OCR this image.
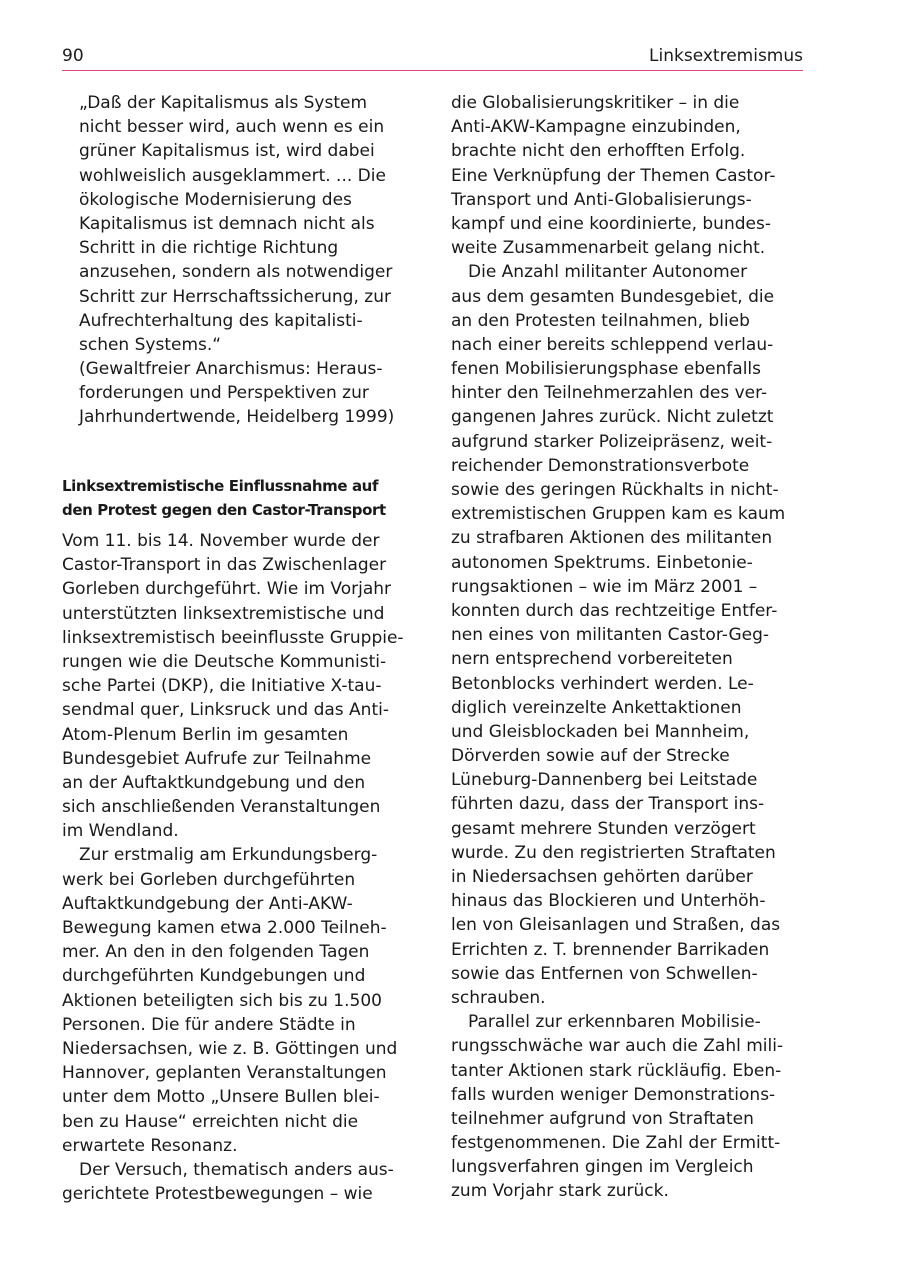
90	Linksextremismus
„Daß der Kapitalismus als System
nicht besser wird, auch wenn es ein
grüner Kapitalismus ist, wird dabei
wohlweislich ausgeklammert. ... Die
ökologische Modernisierung des
Kapitalismus ist demnach nicht als
Schritt in die richtige Richtung
anzusehen, sondern als notwendiger
Schritt zur Herrschaftssicherung, zur
Aufrechterhaltung des kapitalisti-
schen Systems.“
(Gewaltfreier Anarchismus: Heraus-
forderungen und Perspektiven zur
Jahrhundertwende, Heidelberg 1999)
Linksextremistische Einflussnahme auf
den Protest gegen den Castor-Transport
Vom 11. bis 14. November wurde der
Castor-Transport in das Zwischenlager
Gorleben durchgeführt. Wie im Vorjahr
unterstützten linksextremistische und
linksextremistisch beeinflusste Gruppie-
rungen wie die Deutsche Kommunisti-
sche Partei (DKP), die Initiative X-tau-
sendmal quer, Linksruck und das Anti-
Atom-Plenum Berlin im gesamten
Bundesgebiet Aufrufe zur Teilnahme
an der Auftaktkundgebung und den
sich anschließenden Veranstaltungen
im Wendland.
Zur erstmalig am Erkundungsberg-
werk bei Gorleben durchgeführten
Auftaktkundgebung der Anti-AKW-
Bewegung kamen etwa 2.000 Teilneh-
mer. An den in den folgenden Tagen
durchgeführten Kundgebungen und
Aktionen beteiligten sich bis zu 1.500
Personen. Die für andere Städte in
Niedersachsen, wie z. B. Göttingen und
Hannover, geplanten Veranstaltungen
unter dem Motto „Unsere Bullen blei-
ben zu Hause“ erreichten nicht die
erwartete Resonanz.
Der Versuch, thematisch anders aus-
gerichtete Protestbewegungen – wie
die Globalisierungskritiker – in die
Anti-AKW-Kampagne einzubinden,
brachte nicht den erhofften Erfolg.
Eine Verknüpfung der Themen Castor-
Transport und Anti-Globalisierungs-
kampf und eine koordinierte, bundes-
weite Zusammenarbeit gelang nicht.
Die Anzahl militanter Autonomer
aus dem gesamten Bundesgebiet, die
an den Protesten teilnahmen, blieb
nach einer bereits schleppend verlau-
fenen Mobilisierungsphase ebenfalls
hinter den Teilnehmerzahlen des ver-
gangenen Jahres zurück. Nicht zuletzt
aufgrund starker Polizeipräsenz, weit-
reichender Demonstrationsverbote
sowie des geringen Rückhalts in nicht-
extremistischen Gruppen kam es kaum
zu strafbaren Aktionen des militanten
autonomen Spektrums. Einbetonie-
rungsaktionen – wie im März 2001 –
konnten durch das rechtzeitige Entfer-
nen eines von militanten Castor-Geg-
nern entsprechend vorbereiteten
Betonblocks verhindert werden. Le-
diglich vereinzelte Ankettaktionen
und Gleisblockaden bei Mannheim,
Dörverden sowie auf der Strecke
Lüneburg-Dannenberg bei Leitstade
führten dazu, dass der Transport ins-
gesamt mehrere Stunden verzögert
wurde. Zu den registrierten Straftaten
in Niedersachsen gehörten darüber
hinaus das Blockieren und Unterhöh-
len von Gleisanlagen und Straßen, das
Errichten z. T. brennender Barrikaden
sowie das Entfernen von Schwellen-
schrauben.
Parallel zur erkennbaren Mobilisie-
rungsschwäche war auch die Zahl mili-
tanter Aktionen stark rückläufig. Eben-
falls wurden weniger Demonstrations-
teilnehmer aufgrund von Straftaten
festgenommenen. Die Zahl der Ermitt-
lungsverfahren gingen im Vergleich
zum Vorjahr stark zurück.
